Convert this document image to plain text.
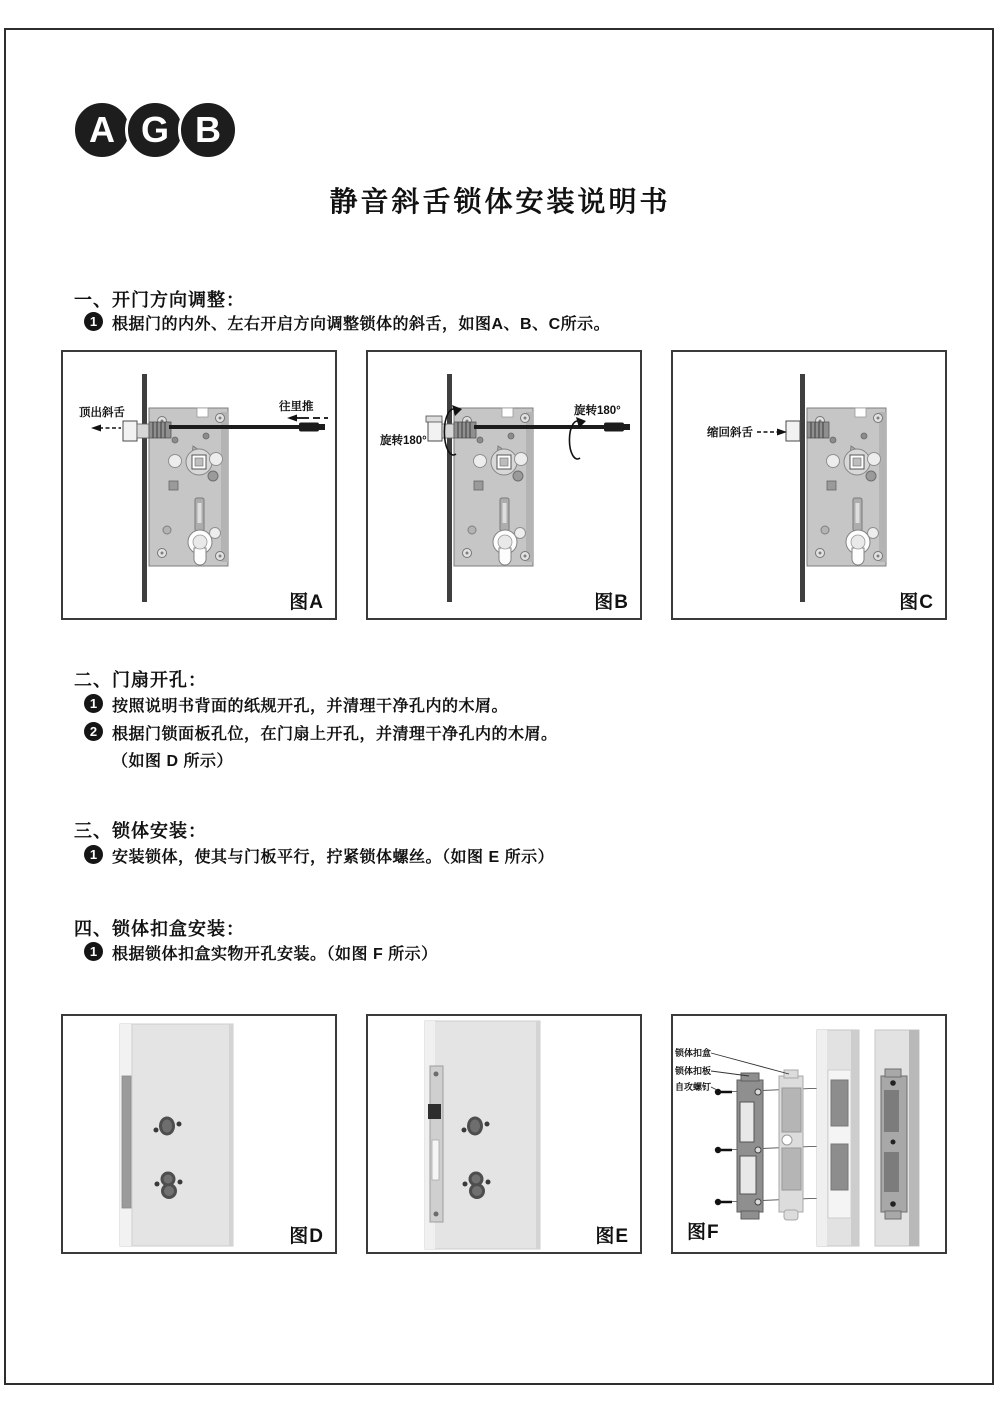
A G B
静音斜舌锁体安装说明书
一、开门方向调整：
1 根据门的内外、左右开启方向调整锁体的斜舌，如图A、B、C所示。
顶出斜舌	往里推
图A
旋转180°
旋转180°
图B
缩回斜舌
图C
二、门扇开孔：
1 按照说明书背面的纸规开孔，并清理干净孔内的木屑。
2 根据门锁面板孔位，在门扇上开孔，并清理干净孔内的木屑。
（如图 D 所示）
三、锁体安装：
1 安装锁体，使其与门板平行，拧紧锁体螺丝。（如图 E 所示）
四、锁体扣盒安装：
1 根据锁体扣盒实物开孔安装。（如图 F 所示）
图D	图E
锁体扣盒
锁体扣板
自攻螺钉
图F
